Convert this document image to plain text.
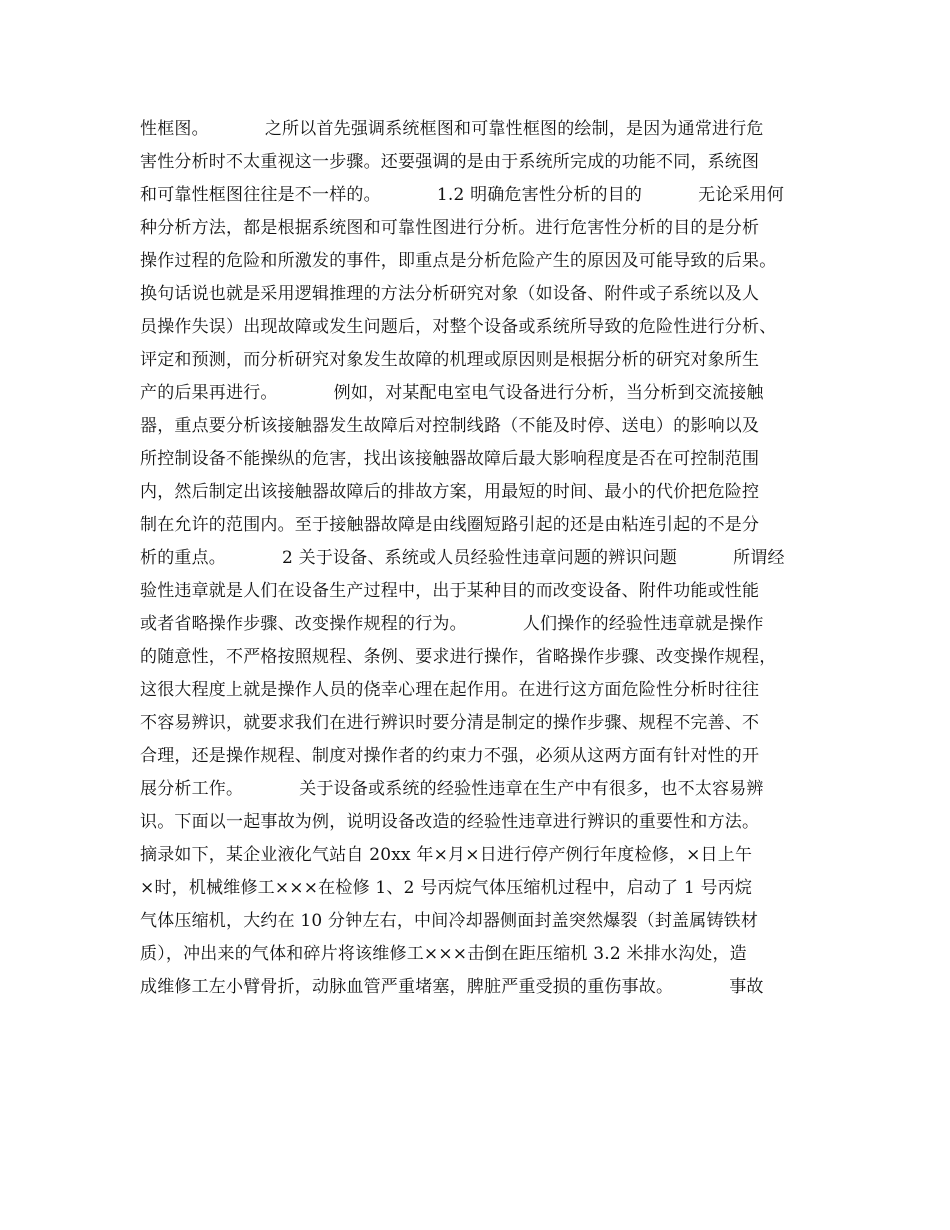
性框图。          之所以首先强调系统框图和可靠性框图的绘制，是因为通常进行危
害性分析时不太重视这一步骤。还要强调的是由于系统所完成的功能不同，系统图
和可靠性框图往往是不一样的。          1.2 明确危害性分析的目的          无论采用何
种分析方法，都是根据系统图和可靠性图进行分析。进行危害性分析的目的是分析
操作过程的危险和所激发的事件，即重点是分析危险产生的原因及可能导致的后果。
换句话说也就是采用逻辑推理的方法分析研究对象（如设备、附件或子系统以及人
员操作失误）出现故障或发生问题后，对整个设备或系统所导致的危险性进行分析、
评定和预测，而分析研究对象发生故障的机理或原因则是根据分析的研究对象所生
产的后果再进行。          例如，对某配电室电气设备进行分析，当分析到交流接触
器，重点要分析该接触器发生故障后对控制线路（不能及时停、送电）的影响以及
所控制设备不能操纵的危害，找出该接触器故障后最大影响程度是否在可控制范围
内，然后制定出该接触器故障后的排故方案，用最短的时间、最小的代价把危险控
制在允许的范围内。至于接触器故障是由线圈短路引起的还是由粘连引起的不是分
析的重点。          2 关于设备、系统或人员经验性违章问题的辨识问题          所谓经
验性违章就是人们在设备生产过程中，出于某种目的而改变设备、附件功能或性能
或者省略操作步骤、改变操作规程的行为。          人们操作的经验性违章就是操作
的随意性，不严格按照规程、条例、要求进行操作，省略操作步骤、改变操作规程，
这很大程度上就是操作人员的侥幸心理在起作用。在进行这方面危险性分析时往往
不容易辨识，就要求我们在进行辨识时要分清是制定的操作步骤、规程不完善、不
合理，还是操作规程、制度对操作者的约束力不强，必须从这两方面有针对性的开
展分析工作。          关于设备或系统的经验性违章在生产中有很多，也不太容易辨
识。下面以一起事故为例，说明设备改造的经验性违章进行辨识的重要性和方法。
摘录如下，某企业液化气站自 20xx 年×月×日进行停产例行年度检修，×日上午
×时，机械维修工×××在检修 1、2 号丙烷气体压缩机过程中，启动了 1 号丙烷
气体压缩机，大约在 10 分钟左右，中间冷却器侧面封盖突然爆裂（封盖属铸铁材
质），冲出来的气体和碎片将该维修工×××击倒在距压缩机 3.2 米排水沟处，造
成维修工左小臂骨折，动脉血管严重堵塞，脾脏严重受损的重伤事故。          事故
